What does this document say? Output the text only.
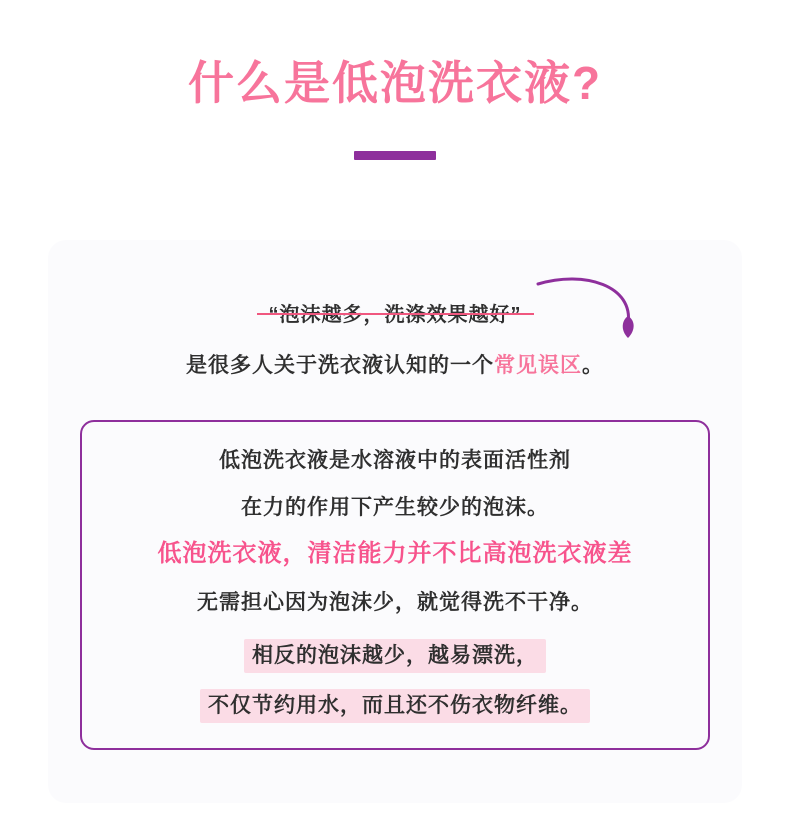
什么是低泡洗衣液?
是很多人关于洗衣液认知的一个常见误区。

低泡洗衣液是水溶液中的表面活性剂

在力的作用下产生较少的泡沫。

低泡洗衣液，清洁能力并不比高泡洗衣液差

无需担心因为泡沫少，就觉得洗不干净。

相反的泡沫越少，越易漂洗，

不仅节约用水，而且还不伤衣物纤维。
